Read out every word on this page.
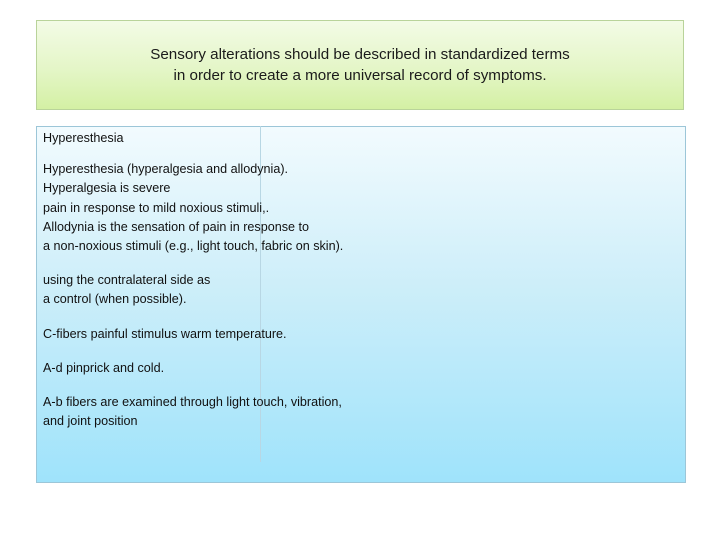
Sensory alterations should be described in standardized terms in order to create a more universal record of symptoms.
Hyperesthesia
Hyperesthesia (hyperalgesia and allodynia).
Hyperalgesia is severe
pain in response to mild noxious stimuli,.
Allodynia is the sensation of pain in response to
a non-noxious stimuli (e.g., light touch, fabric on skin).
using the contralateral side as
a control (when possible).
C-fibers painful stimulus warm temperature.
A-d pinprick and cold.
A-b fibers are examined through light touch, vibration,
and joint position
